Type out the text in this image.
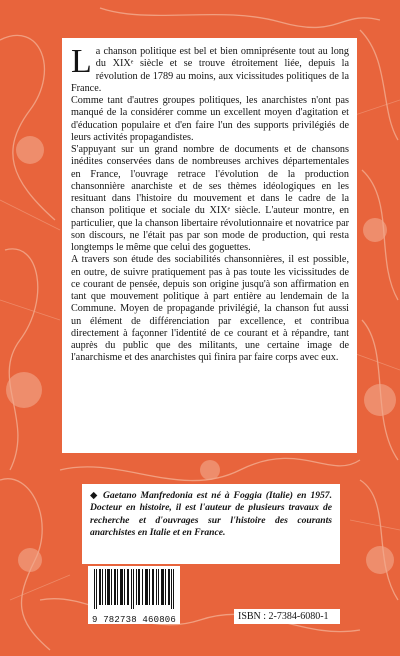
La chanson politique est bel et bien omniprésente tout au long du XIXᵉ siècle et se trouve étroitement liée, depuis la révolution de 1789 au moins, aux vicissitudes politiques de la France.

Comme tant d'autres groupes politiques, les anarchistes n'ont pas manqué de la considérer comme un excellent moyen d'agitation et d'éducation populaire et d'en faire l'un des supports privilégiés de leurs activités propagandistes.

S'appuyant sur un grand nombre de documents et de chansons inédites conservées dans de nombreuses archives départementales en France, l'ouvrage retrace l'évolution de la production chansonnière anarchiste et de ses thèmes idéologiques en les resituant dans l'histoire du mouvement et dans le cadre de la chanson politique et sociale du XIXᵉ siècle. L'auteur montre, en particulier, que la chanson libertaire révolutionnaire et novatrice par son discours, ne l'était pas par son mode de production, qui resta longtemps le même que celui des goguettes.

A travers son étude des sociabilités chansonnières, il est possible, en outre, de suivre pratiquement pas à pas toute les vicissitudes de ce courant de pensée, depuis son origine jusqu'à son affirmation en tant que mouvement politique à part entière au lendemain de la Commune. Moyen de propagande privilégié, la chanson fut aussi un élément de différenciation par excellence, et contribua directement à façonner l'identité de ce courant et à répandre, tant auprès du public que des militants, une certaine image de l'anarchisme et des anarchistes qui finira par faire corps avec eux.

◆ Gaetano Manfredonia est né à Foggia (Italie) en 1957. Docteur en histoire, il est l'auteur de plusieurs travaux de recherche et d'ouvrages sur l'histoire des courants anarchistes en Italie et en France.
9 782738 460806	ISBN : 2-7384-6080-1
